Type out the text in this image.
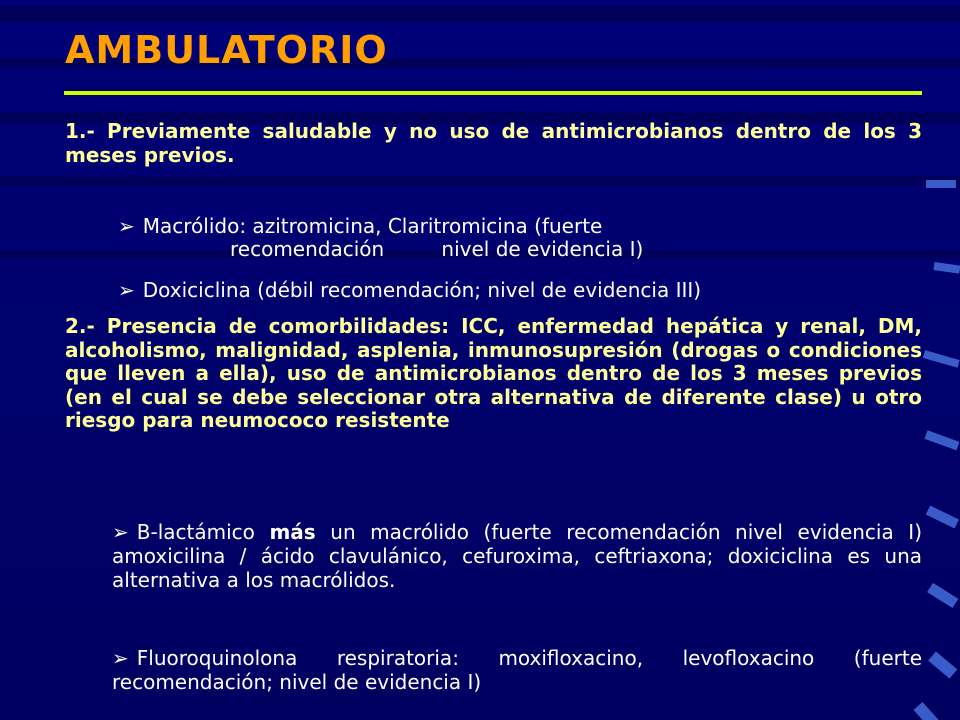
AMBULATORIO

1.- Previamente saludable y no uso de antimicrobianos dentro de los 3 meses previos.

➢ Macrólido: azitromicina, Claritromicina (fuerte
recomendación         nivel de evidencia I)

➢ Doxiciclina (débil recomendación; nivel de evidencia III)

2.- Presencia de comorbilidades: ICC, enfermedad hepática y renal, DM, alcoholismo, malignidad, asplenia, inmunosupresión (drogas o condiciones que lleven a ella), uso de antimicrobianos dentro de los 3 meses previos (en el cual se debe seleccionar otra alternativa de diferente clase) u otro riesgo para neumococo resistente

➢ B-lactámico más un macrólido (fuerte recomendación nivel evidencia I) amoxicilina / ácido clavulánico, cefuroxima, ceftriaxona; doxiciclina es una alternativa a los macrólidos.

➢ Fluoroquinolona respiratoria: moxifloxacino, levofloxacino (fuerte recomendación; nivel de evidencia I)
